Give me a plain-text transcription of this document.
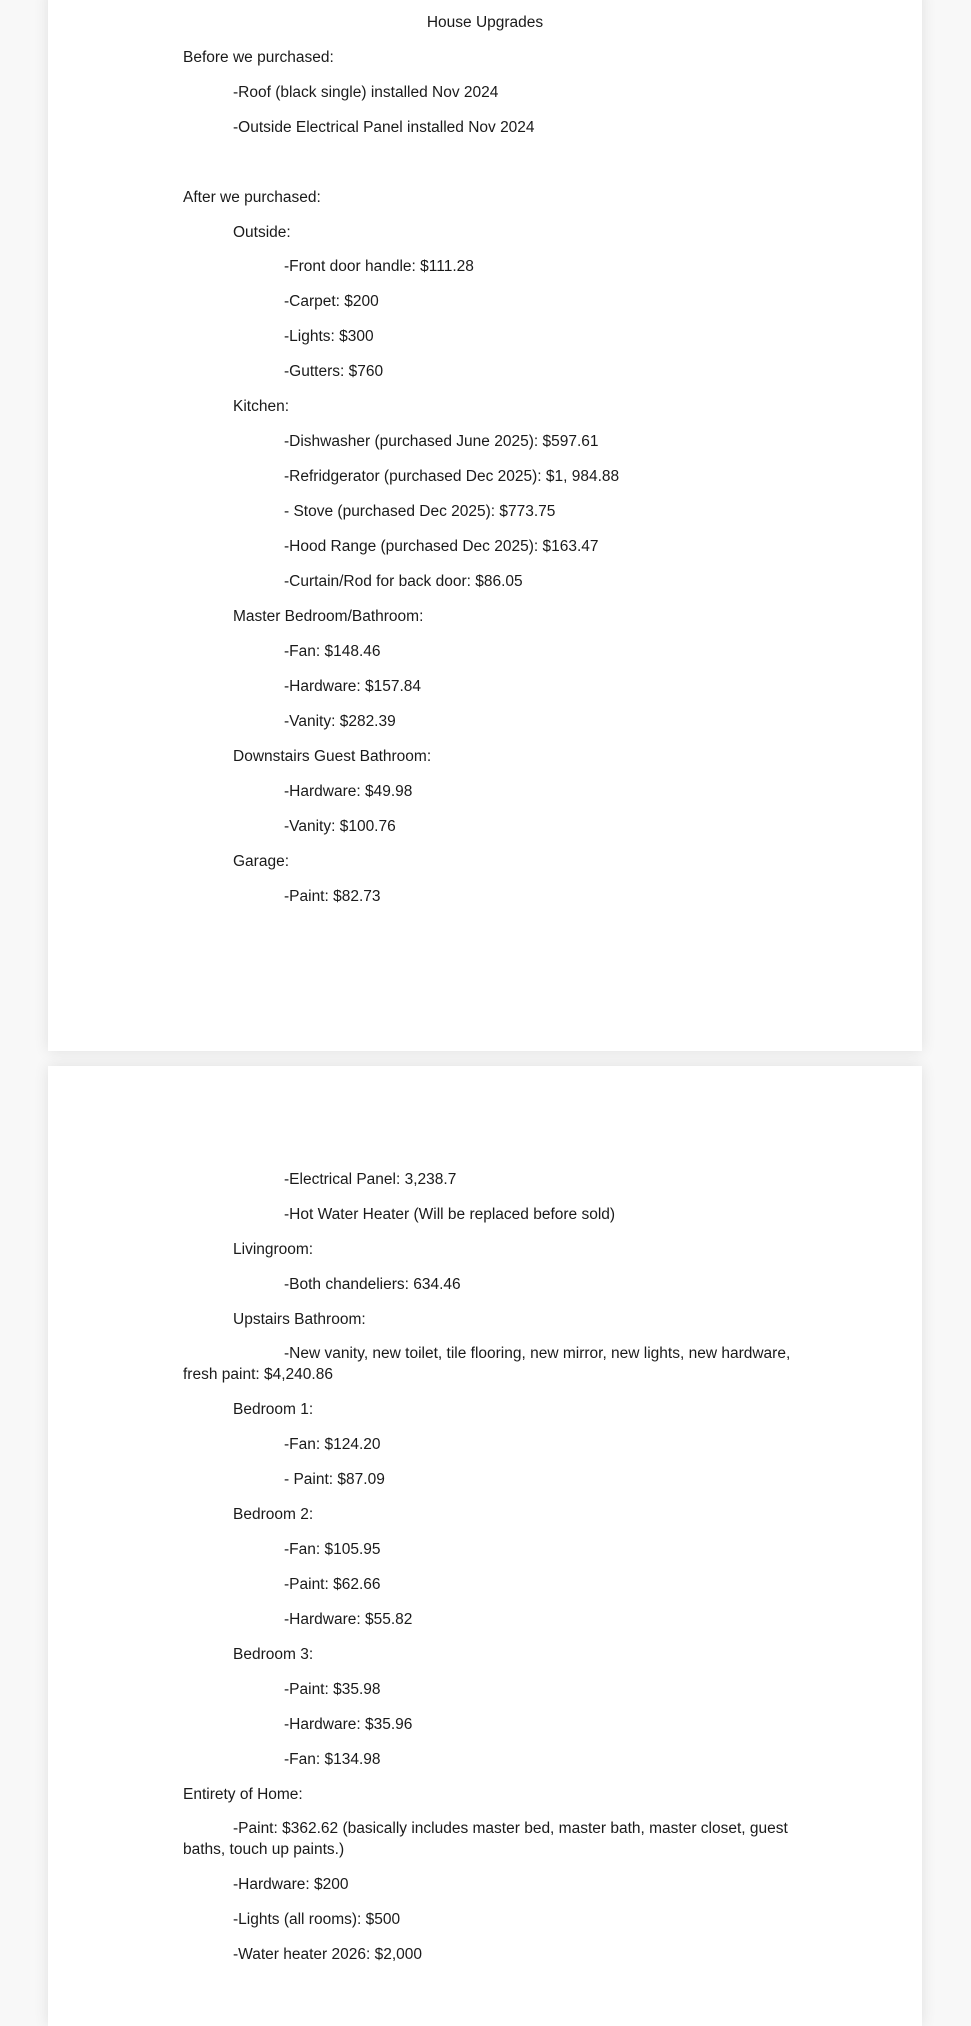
House Upgrades

Before we purchased:

-Roof (black single) installed Nov 2024

-Outside Electrical Panel installed Nov 2024

After we purchased:

Outside:

-Front door handle: $111.28

-Carpet: $200

-Lights: $300

-Gutters: $760

Kitchen:

-Dishwasher (purchased June 2025): $597.61

-Refridgerator (purchased Dec 2025): $1, 984.88

- Stove (purchased Dec 2025): $773.75

-Hood Range (purchased Dec 2025): $163.47

-Curtain/Rod for back door: $86.05

Master Bedroom/Bathroom:

-Fan: $148.46

-Hardware: $157.84

-Vanity: $282.39

Downstairs Guest Bathroom:

-Hardware: $49.98

-Vanity: $100.76

Garage:

-Paint: $82.73

-Electrical Panel: 3,238.7

-Hot Water Heater (Will be replaced before sold)

Livingroom:

-Both chandeliers: 634.46

Upstairs Bathroom:

-New vanity, new toilet, tile flooring, new mirror, new lights, new hardware, fresh paint: $4,240.86

Bedroom 1:

-Fan: $124.20

- Paint: $87.09

Bedroom 2:

-Fan: $105.95

-Paint: $62.66

-Hardware: $55.82

Bedroom 3:

-Paint: $35.98

-Hardware: $35.96

-Fan: $134.98

Entirety of Home:

-Paint: $362.62 (basically includes master bed, master bath, master closet, guest baths, touch up paints.)

-Hardware: $200

-Lights (all rooms): $500

-Water heater 2026: $2,000
